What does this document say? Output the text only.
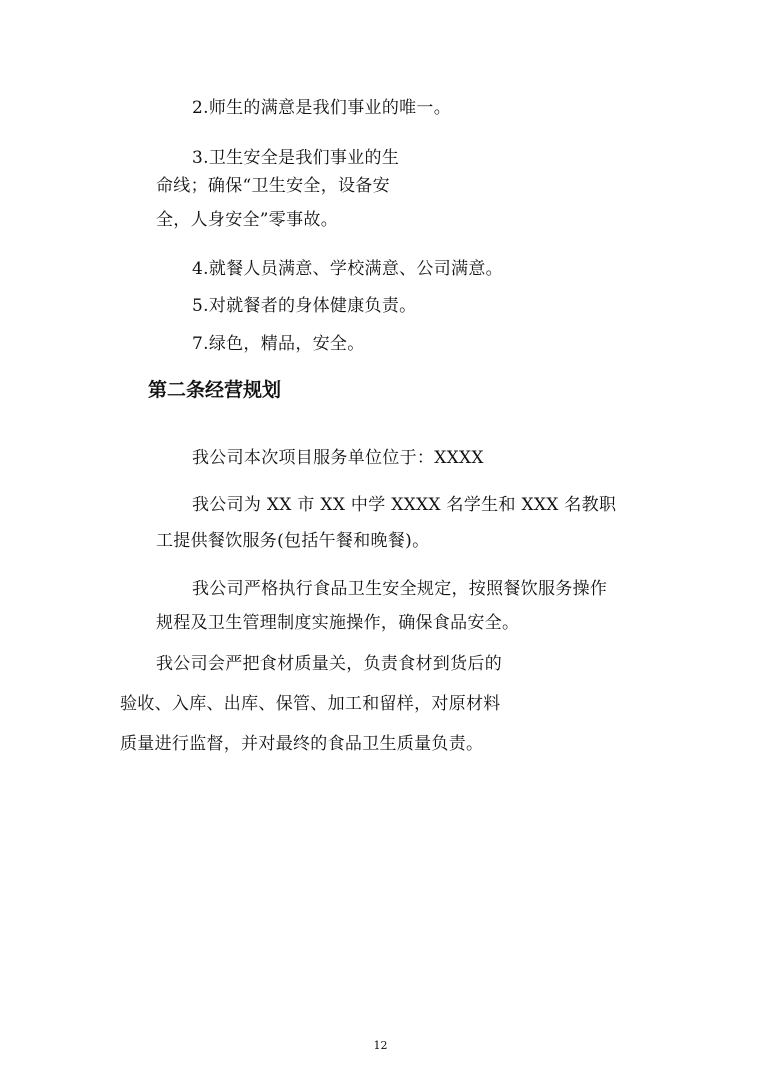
2.师生的满意是我们事业的唯一。
3.卫生安全是我们事业的生
命线；确保“卫生安全，设备安
全，人身安全”零事故。
4.就餐人员满意、学校满意、公司满意。
5.对就餐者的身体健康负责。
7.绿色，精品，安全。
第二条经营规划
我公司本次项目服务单位位于：XXXX
我公司为 XX 市 XX 中学 XXXX 名学生和 XXX 名教职
工提供餐饮服务(包括午餐和晚餐)。
我公司严格执行食品卫生安全规定，按照餐饮服务操作
规程及卫生管理制度实施操作，确保食品安全。
我公司会严把食材质量关，负责食材到货后的
验收、入库、出库、保管、加工和留样，对原材料
质量进行监督，并对最终的食品卫生质量负责。
12
